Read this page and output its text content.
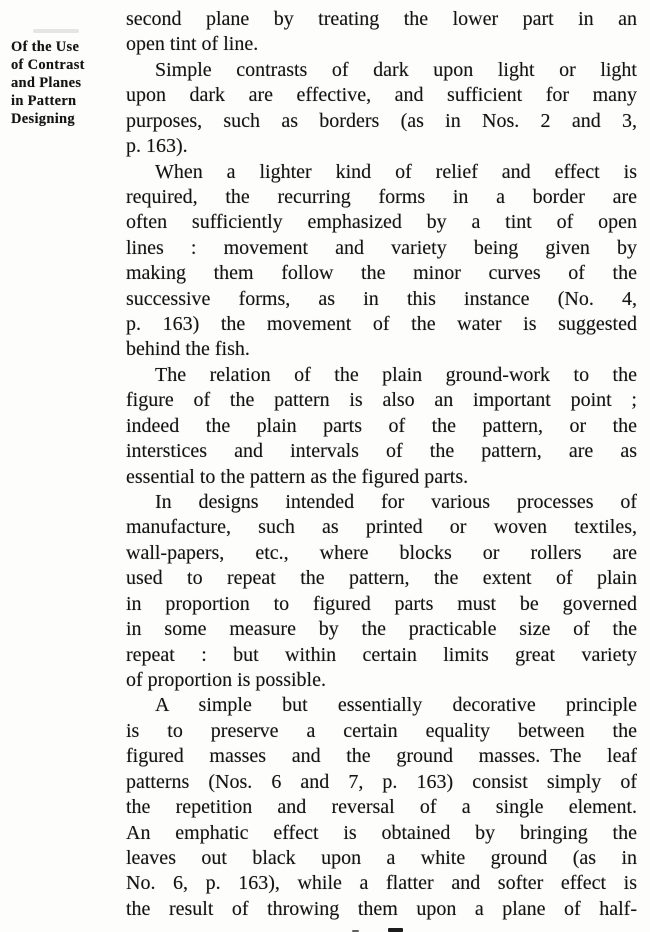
Of the Use
of Contrast
and Planes
in Pattern
Designing
second plane by treating the lower part in an
open tint of line.
Simple contrasts of dark upon light or light
upon dark are effective, and sufficient for many
purposes, such as borders (as in Nos. 2 and 3,
p. 163).
When a lighter kind of relief and effect is
required, the recurring forms in a border are
often sufficiently emphasized by a tint of open
lines : movement and variety being given by
making them follow the minor curves of the
successive forms, as in this instance (No. 4,
p. 163) the movement of the water is suggested
behind the fish.
The relation of the plain ground-work to the
figure of the pattern is also an important point ;
indeed the plain parts of the pattern, or the
interstices and intervals of the pattern, are as
essential to the pattern as the figured parts.
In designs intended for various processes of
manufacture, such as printed or woven textiles,
wall-papers, etc., where blocks or rollers are
used to repeat the pattern, the extent of plain
in proportion to figured parts must be governed
in some measure by the practicable size of the
repeat : but within certain limits great variety
of proportion is possible.
A simple but essentially decorative principle
is to preserve a certain equality between the
figured masses and the ground masses. The leaf
patterns (Nos. 6 and 7, p. 163) consist simply of
the repetition and reversal of a single element.
An emphatic effect is obtained by bringing the
leaves out black upon a white ground (as in
No. 6, p. 163), while a flatter and softer effect is
the result of throwing them upon a plane of half-
